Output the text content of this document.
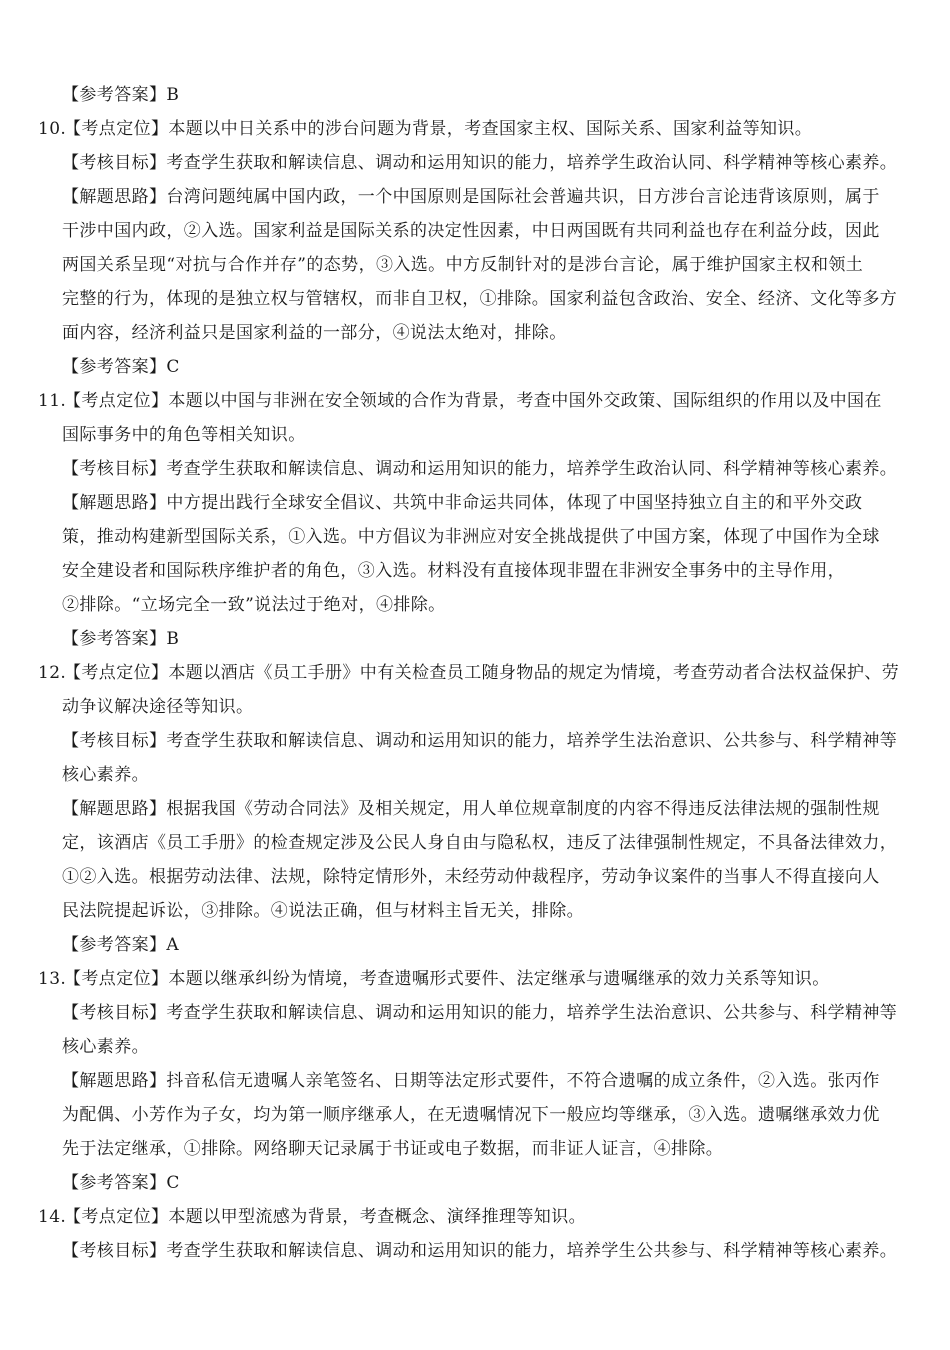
【参考答案】B
10.【考点定位】本题以中日关系中的涉台问题为背景，考查国家主权、国际关系、国家利益等知识。
【考核目标】考查学生获取和解读信息、调动和运用知识的能力，培养学生政治认同、科学精神等核心素养。
【解题思路】台湾问题纯属中国内政，一个中国原则是国际社会普遍共识，日方涉台言论违背该原则，属于
干涉中国内政，②入选。国家利益是国际关系的决定性因素，中日两国既有共同利益也存在利益分歧，因此
两国关系呈现“对抗与合作并存”的态势，③入选。中方反制针对的是涉台言论，属于维护国家主权和领土
完整的行为，体现的是独立权与管辖权，而非自卫权，①排除。国家利益包含政治、安全、经济、文化等多方
面内容，经济利益只是国家利益的一部分，④说法太绝对，排除。
【参考答案】C
11.【考点定位】本题以中国与非洲在安全领域的合作为背景，考查中国外交政策、国际组织的作用以及中国在
国际事务中的角色等相关知识。
【考核目标】考查学生获取和解读信息、调动和运用知识的能力，培养学生政治认同、科学精神等核心素养。
【解题思路】中方提出践行全球安全倡议、共筑中非命运共同体，体现了中国坚持独立自主的和平外交政
策，推动构建新型国际关系，①入选。中方倡议为非洲应对安全挑战提供了中国方案，体现了中国作为全球
安全建设者和国际秩序维护者的角色，③入选。材料没有直接体现非盟在非洲安全事务中的主导作用，
②排除。“立场完全一致”说法过于绝对，④排除。
【参考答案】B
12.【考点定位】本题以酒店《员工手册》中有关检查员工随身物品的规定为情境，考查劳动者合法权益保护、劳
动争议解决途径等知识。
【考核目标】考查学生获取和解读信息、调动和运用知识的能力，培养学生法治意识、公共参与、科学精神等
核心素养。
【解题思路】根据我国《劳动合同法》及相关规定，用人单位规章制度的内容不得违反法律法规的强制性规
定，该酒店《员工手册》的检查规定涉及公民人身自由与隐私权，违反了法律强制性规定，不具备法律效力，
①②入选。根据劳动法律、法规，除特定情形外，未经劳动仲裁程序，劳动争议案件的当事人不得直接向人
民法院提起诉讼，③排除。④说法正确，但与材料主旨无关，排除。
【参考答案】A
13.【考点定位】本题以继承纠纷为情境，考查遗嘱形式要件、法定继承与遗嘱继承的效力关系等知识。
【考核目标】考查学生获取和解读信息、调动和运用知识的能力，培养学生法治意识、公共参与、科学精神等
核心素养。
【解题思路】抖音私信无遗嘱人亲笔签名、日期等法定形式要件，不符合遗嘱的成立条件，②入选。张丙作
为配偶、小芳作为子女，均为第一顺序继承人，在无遗嘱情况下一般应均等继承，③入选。遗嘱继承效力优
先于法定继承，①排除。网络聊天记录属于书证或电子数据，而非证人证言，④排除。
【参考答案】C
14.【考点定位】本题以甲型流感为背景，考查概念、演绎推理等知识。
【考核目标】考查学生获取和解读信息、调动和运用知识的能力，培养学生公共参与、科学精神等核心素养。
